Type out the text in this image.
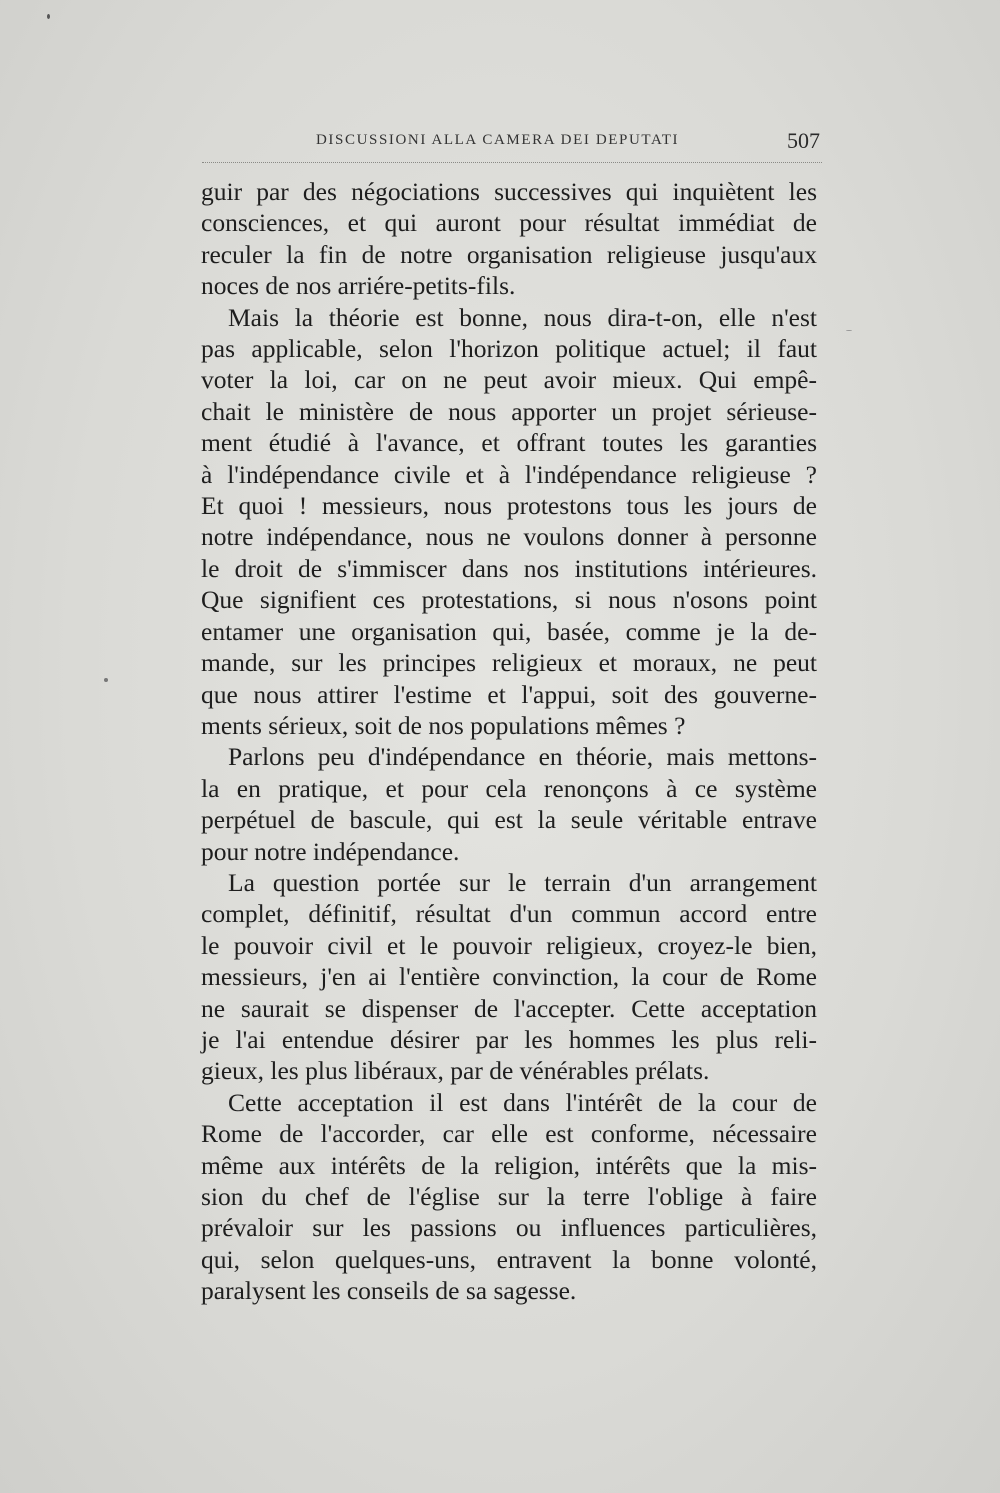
DISCUSSIONI ALLA CAMERA DEI DEPUTATI	507
guir par des négociations successives qui inquiètent les
consciences, et qui auront pour résultat immédiat de
reculer la fin de notre organisation religieuse jusqu'aux
noces de nos arriére-petits-fils.
Mais la théorie est bonne, nous dira-t-on, elle n'est
pas applicable, selon l'horizon politique actuel; il faut
voter la loi, car on ne peut avoir mieux. Qui empê-
chait le ministère de nous apporter un projet sérieuse-
ment étudié à l'avance, et offrant toutes les garanties
à l'indépendance civile et à l'indépendance religieuse ?
Et quoi ! messieurs, nous protestons tous les jours de
notre indépendance, nous ne voulons donner à personne
le droit de s'immiscer dans nos institutions intérieures.
Que signifient ces protestations, si nous n'osons point
entamer une organisation qui, basée, comme je la de-
mande, sur les principes religieux et moraux, ne peut
que nous attirer l'estime et l'appui, soit des gouverne-
ments sérieux, soit de nos populations mêmes ?
Parlons peu d'indépendance en théorie, mais mettons-
la en pratique, et pour cela renonçons à ce système
perpétuel de bascule, qui est la seule véritable entrave
pour notre indépendance.
La question portée sur le terrain d'un arrangement
complet, définitif, résultat d'un commun accord entre
le pouvoir civil et le pouvoir religieux, croyez-le bien,
messieurs, j'en ai l'entière convinction, la cour de Rome
ne saurait se dispenser de l'accepter. Cette acceptation
je l'ai entendue désirer par les hommes les plus reli-
gieux, les plus libéraux, par de vénérables prélats.
Cette acceptation il est dans l'intérêt de la cour de
Rome de l'accorder, car elle est conforme, nécessaire
même aux intérêts de la religion, intérêts que la mis-
sion du chef de l'église sur la terre l'oblige à faire
prévaloir sur les passions ou influences particulières,
qui, selon quelques-uns, entravent la bonne volonté,
paralysent les conseils de sa sagesse.
